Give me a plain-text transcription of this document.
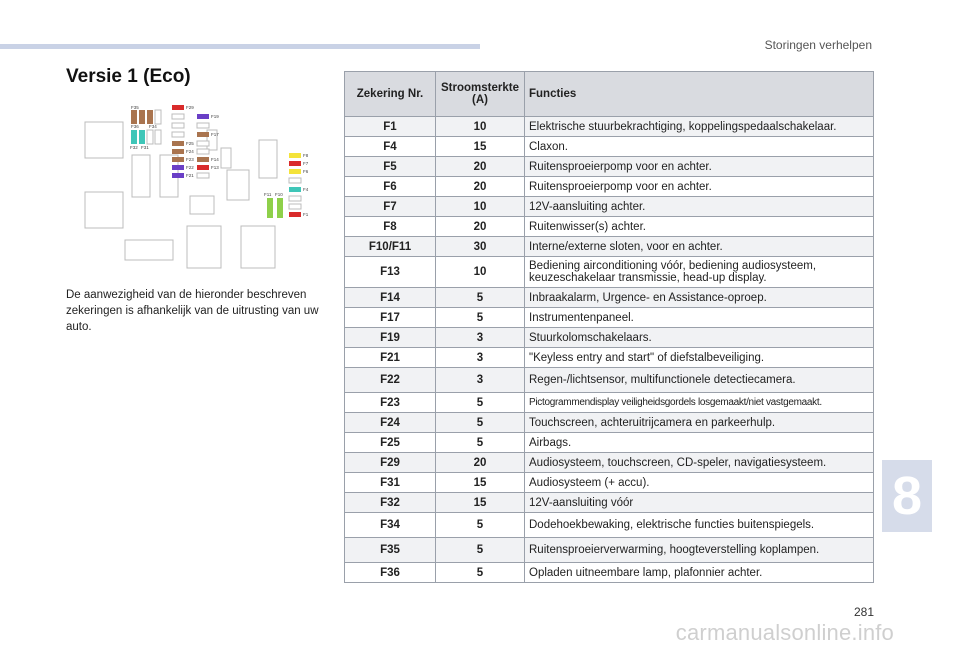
Storingen verhelpen
Versie 1 (Eco)
F35
F36 F34
F32 F31
F29
F19
F17
F25
F24
F23	F14
F22	F13
F21
F8
F7
F6
F4
F1
F11 F10
De aanwezigheid van de hieronder beschreven zekeringen is afhankelijk van de uitrusting van uw auto.
Zekering Nr.	Stroomsterkte (A)	Functies
F1	10	Elektrische stuurbekrachtiging, koppelingspedaalschakelaar.
F4	15	Claxon.
F5	20	Ruitensproeierpomp voor en achter.
F6	20	Ruitensproeierpomp voor en achter.
F7	10	12V-aansluiting achter.
F8	20	Ruitenwisser(s) achter.
F10/F11	30	Interne/externe sloten, voor en achter.
F13	10	Bediening airconditioning vóór, bediening audiosysteem, keuzeschakelaar transmissie, head-up display.
F14	5	Inbraakalarm, Urgence- en Assistance-oproep.
F17	5	Instrumentenpaneel.
F19	3	Stuurkolomschakelaars.
F21	3	"Keyless entry and start" of diefstalbeveiliging.
F22	3	Regen-/lichtsensor, multifunctionele detectiecamera.
F23	5	Pictogrammendisplay veiligheidsgordels losgemaakt/niet vastgemaakt.
F24	5	Touchscreen, achteruitrijcamera en parkeerhulp.
F25	5	Airbags.
F29	20	Audiosysteem, touchscreen, CD-speler, navigatiesysteem.
F31	15	Audiosysteem (+ accu).
F32	15	12V-aansluiting vóór
F34	5	Dodehoekbewaking, elektrische functies buitenspiegels.
F35	5	Ruitensproeierverwarming, hoogteverstelling koplampen.
F36	5	Opladen uitneembare lamp, plafonnier achter.
8
281
carmanualsonline.info
